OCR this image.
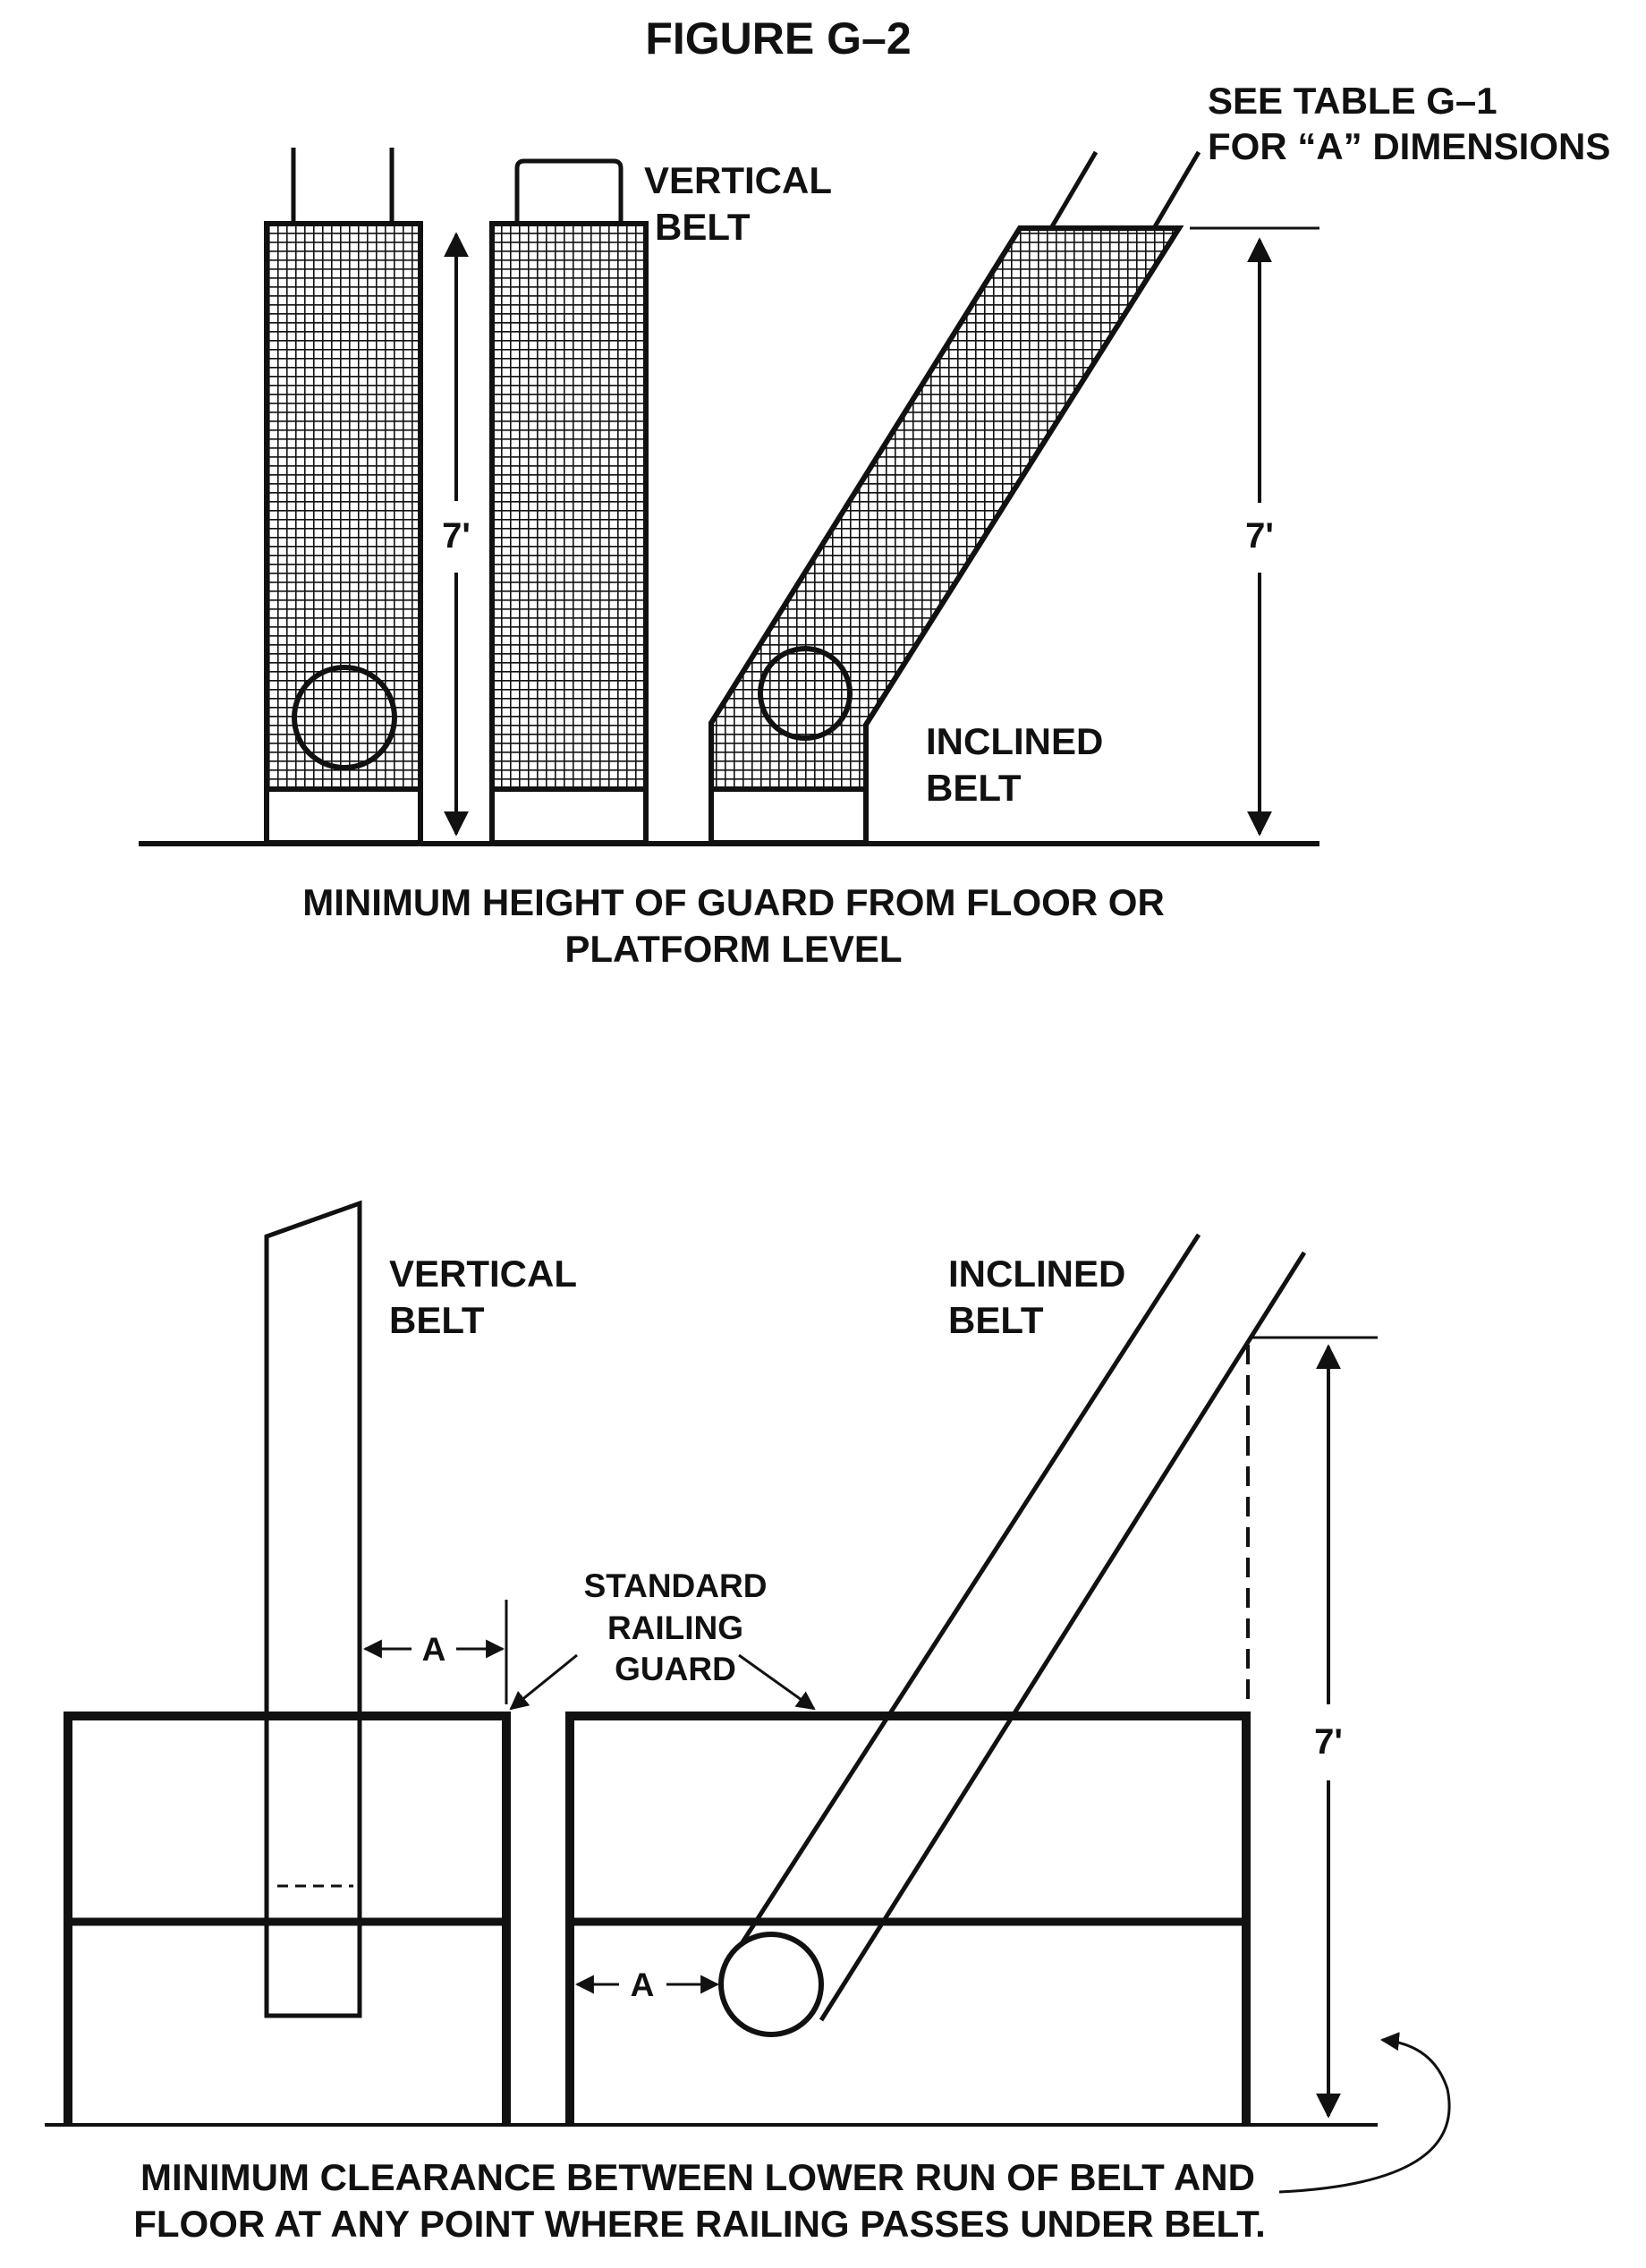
FIGURE G–2
7'
VERTICAL
BELT
7'
SEE TABLE G–1
FOR “A” DIMENSIONS
INCLINED
BELT
MINIMUM HEIGHT OF GUARD FROM FLOOR OR
PLATFORM LEVEL
A
VERTICAL
BELT
STANDARD
RAILING
GUARD
INCLINED
BELT
A
7'
MINIMUM CLEARANCE BETWEEN LOWER RUN OF BELT AND
FLOOR AT ANY POINT WHERE RAILING PASSES UNDER BELT.
